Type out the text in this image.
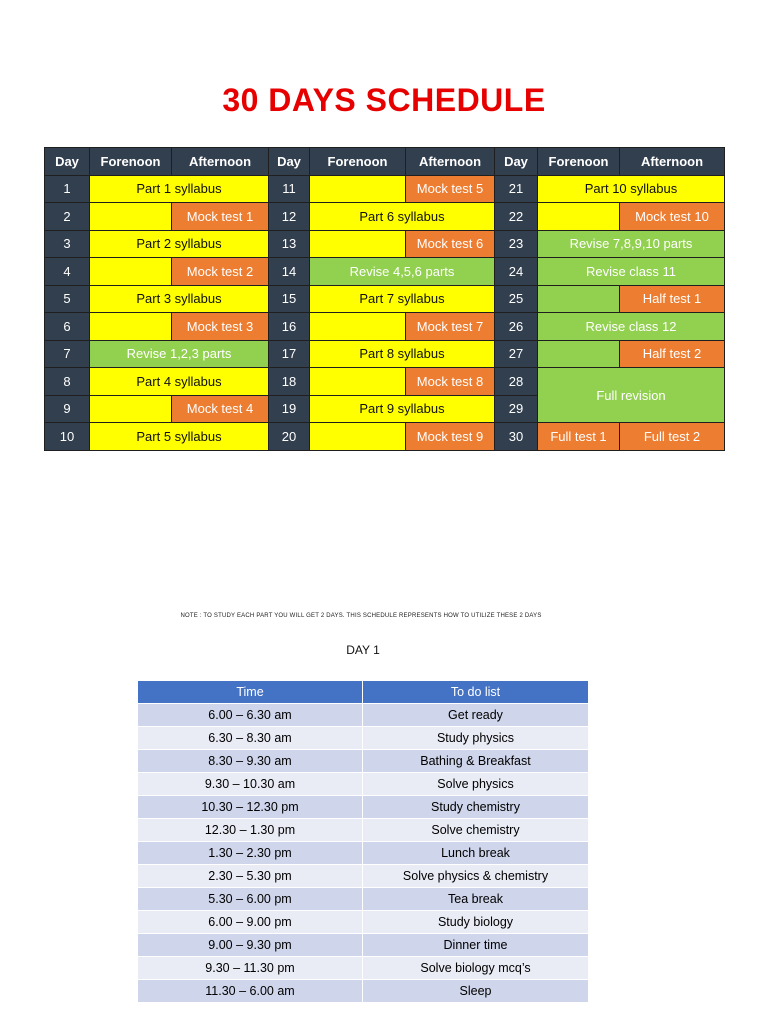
30 DAYS SCHEDULE
Day	Forenoon	Afternoon	Day	Forenoon	Afternoon	Day	Forenoon	Afternoon
1	Part 1 syllabus		11		Mock test 5	21	Part 10 syllabus	
2		Mock test 1	12	Part 6 syllabus		22		Mock test 10
3	Part 2 syllabus		13		Mock test 6	23	Revise 7,8,9,10 parts	
4		Mock test 2	14	Revise 4,5,6 parts		24	Revise class 11	
5	Part 3 syllabus		15	Part 7 syllabus		25		Half test 1
6		Mock test 3	16		Mock test 7	26	Revise class 12	
7	Revise 1,2,3 parts		17	Part 8 syllabus		27		Half test 2
8	Part 4 syllabus		18		Mock test 8	28	Full revision	
9		Mock test 4	19	Part 9 syllabus		29		
10	Part 5 syllabus		20		Mock test 9	30	Full test 1	Full test 2
NOTE : TO STUDY EACH PART YOU WILL GET 2 DAYS. THIS SCHEDULE REPRESENTS HOW TO UTILIZE THESE 2 DAYS
DAY 1
Time	To do list
6.00 – 6.30 am	Get ready
6.30 – 8.30 am	Study physics
8.30 – 9.30 am	Bathing & Breakfast
9.30 – 10.30 am	Solve physics
10.30 – 12.30 pm	Study chemistry
12.30 – 1.30 pm	Solve chemistry
1.30 – 2.30 pm	Lunch break
2.30 – 5.30 pm	Solve physics & chemistry
5.30 – 6.00 pm	Tea break
6.00 – 9.00 pm	Study biology
9.00 – 9.30 pm	Dinner time
9.30 – 11.30 pm	Solve biology mcq’s
11.30 – 6.00 am	Sleep
